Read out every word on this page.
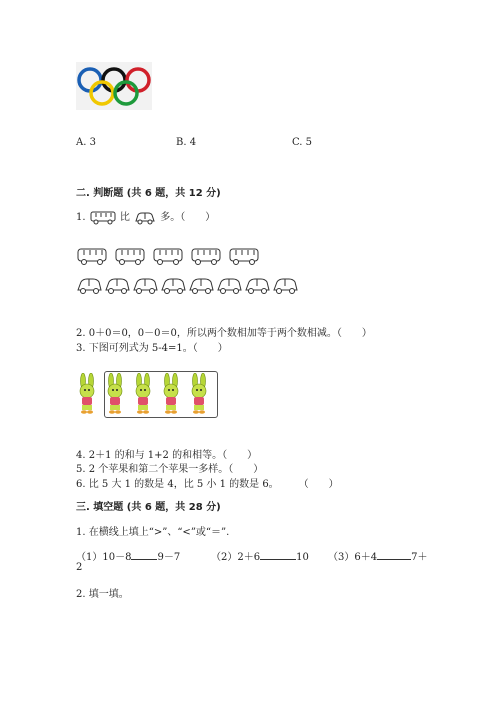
A. 3	B. 4	C. 5
二. 判断题 (共 6 题，共 12 分)
1.	比	多。（　　）
2. 0＋0＝0，0－0＝0，所以两个数相加等于两个数相减。（　　）
3. 下图可列式为 5-4=1。（　　）
4. 2＋1 的和与 1+2 的和相等。（　　）
5. 2 个苹果和第二个苹果一多样。（　　）
6. 比 5 大 1 的数是 4，比 5 小 1 的数是 6。　　　（　　）
三. 填空题 (共 6 题，共 28 分)
1. 在横线上填上“>”、“<”或“＝”.
（1）10－8	9－7	（2）2＋6	10 （3）6＋4	7＋
2
2. 填一填。
